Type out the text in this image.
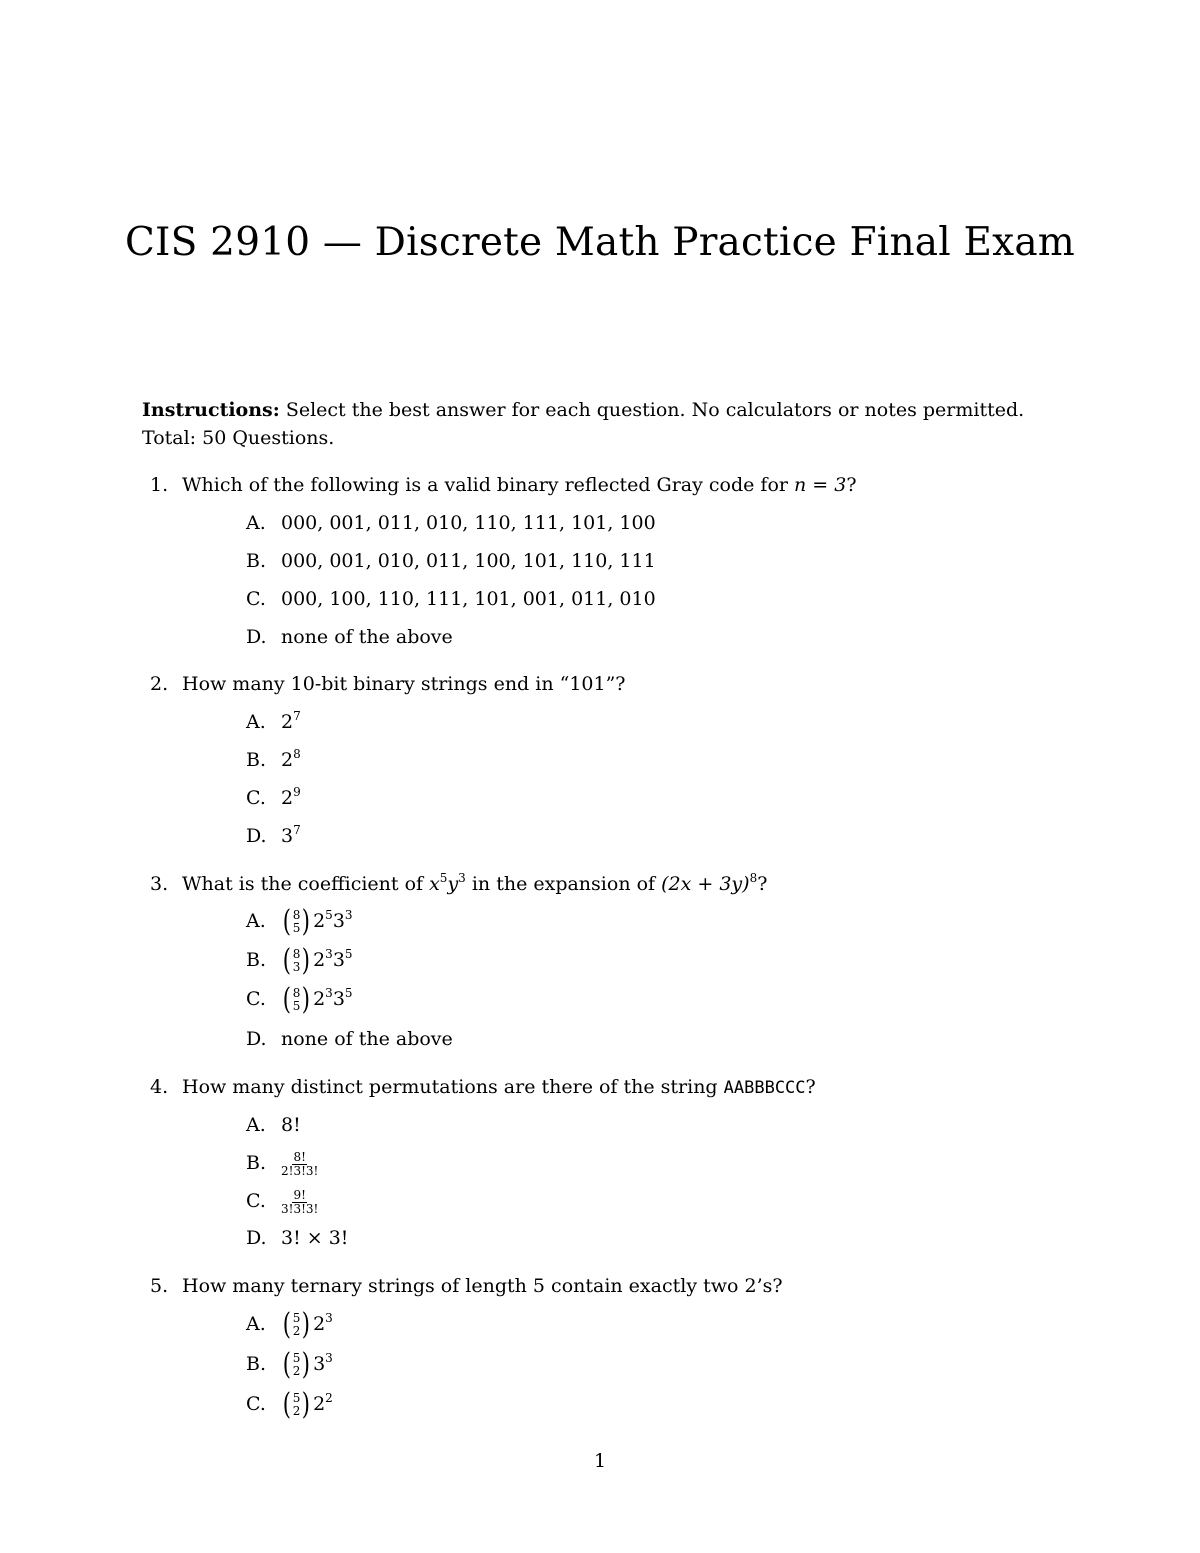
CIS 2910 — Discrete Math Practice Final Exam
Instructions: Select the best answer for each question. No calculators or notes permitted. Total: 50 Questions.
1. Which of the following is a valid binary reflected Gray code for n = 3?
A. 000, 001, 011, 010, 110, 111, 101, 100
B. 000, 001, 010, 011, 100, 101, 110, 111
C. 000, 100, 110, 111, 101, 001, 011, 010
D. none of the above
2. How many 10-bit binary strings end in “101”?
A. $2^7$
B. $2^8$
C. $2^9$
D. $3^7$
3. What is the coefficient of $x^5y^3$ in the expansion of $(2x + 3y)^8$?
A. ( 8
5 ) $2^53^3$
B. ( 8
3 ) $2^33^5$
C. ( 8
5 ) $2^33^5$
D. none of the above
4. How many distinct permutations are there of the string AABBBCCC?
A. 8!
B. $\frac{8!}{2!3!3!}$
C. $\frac{9!}{3!3!3!}$
D. 3! × 3!
5. How many ternary strings of length 5 contain exactly two 2’s?
A. ( 5
2 ) $2^3$
B. ( 5
2 ) $3^3$
C. ( 5
2 ) $2^2$
1
